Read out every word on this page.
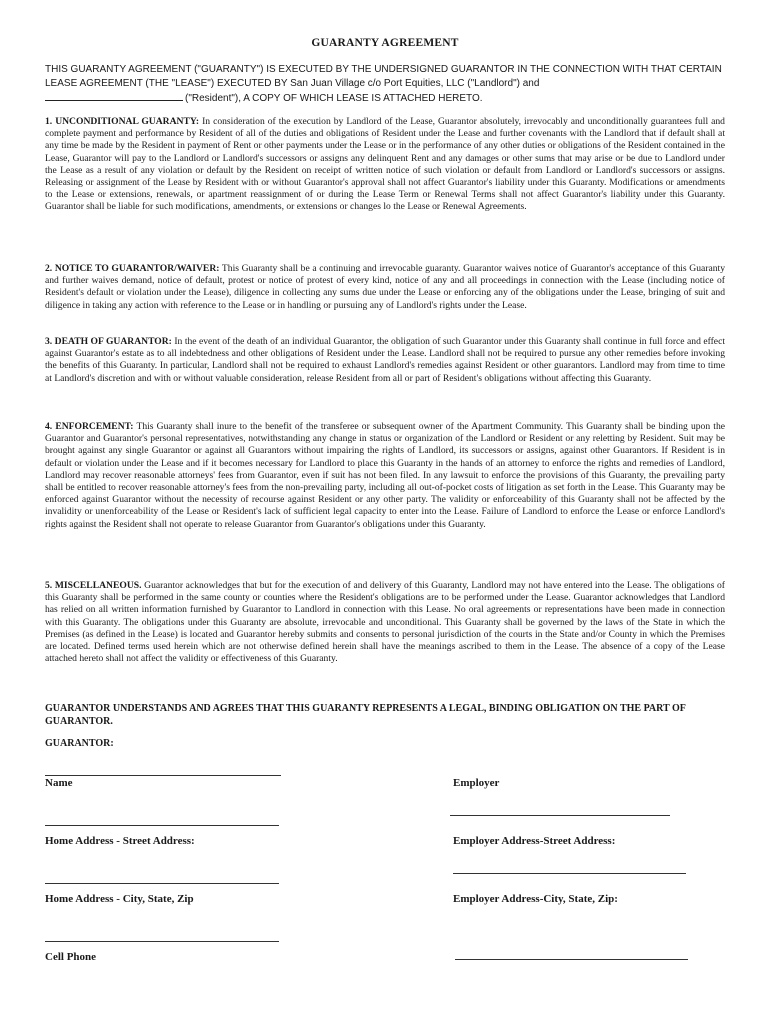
GUARANTY AGREEMENT
THIS GUARANTY AGREEMENT ("GUARANTY") IS EXECUTED BY THE UNDERSIGNED GUARANTOR IN THE CONNECTION WITH THAT CERTAIN LEASE AGREEMENT (THE "LEASE") EXECUTED BY San Juan Village c/o Port Equities, LLC ("Landlord") and
("Resident"), A COPY OF WHICH LEASE IS ATTACHED HERETO.
1. UNCONDITIONAL GUARANTY: In consideration of the execution by Landlord of the Lease, Guarantor absolutely, irrevocably and unconditionally guarantees full and complete payment and performance by Resident of all of the duties and obligations of Resident under the Lease and further covenants with the Landlord that if default shall at any time be made by the Resident in payment of Rent or other payments under the Lease or in the performance of any other duties or obligations of the Resident contained in the Lease, Guarantor will pay to the Landlord or Landlord's successors or assigns any delinquent Rent and any damages or other sums that may arise or be due to Landlord under the Lease as a result of any violation or default by the Resident on receipt of written notice of such violation or default from Landlord or Landlord's successors or assigns. Releasing or assignment of the Lease by Resident with or without Guarantor's approval shall not affect Guarantor's liability under this Guaranty. Modifications or amendments to the Lease or extensions, renewals, or apartment reassignment of or during the Lease Term or Renewal Terms shall not affect Guarantor's liability under this Guaranty. Guarantor shall be liable for such modifications, amendments, or extensions or changes lo the Lease or Renewal Agreements.
2. NOTICE TO GUARANTOR/WAIVER: This Guaranty shall be a continuing and irrevocable guaranty. Guarantor waives notice of Guarantor's acceptance of this Guaranty and further waives demand, notice of default, protest or notice of protest of every kind, notice of any and all proceedings in connection with the Lease (including notice of Resident's default or violation under the Lease), diligence in collecting any sums due under the Lease or enforcing any of the obligations under the Lease, bringing of suit and diligence in taking any action with reference to the Lease or in handling or pursuing any of Landlord's rights under the Lease.
3. DEATH OF GUARANTOR: In the event of the death of an individual Guarantor, the obligation of such Guarantor under this Guaranty shall continue in full force and effect against Guarantor's estate as to all indebtedness and other obligations of Resident under the Lease. Landlord shall not be required to pursue any other remedies before invoking the benefits of this Guaranty. In particular, Landlord shall not be required to exhaust Landlord's remedies against Resident or other guarantors. Landlord may from time to time at Landlord's discretion and with or without valuable consideration, release Resident from all or part of Resident's obligations without affecting this Guaranty.
4. ENFORCEMENT: This Guaranty shall inure to the benefit of the transferee or subsequent owner of the Apartment Community. This Guaranty shall be binding upon the Guarantor and Guarantor's personal representatives, notwithstanding any change in status or organization of the Landlord or Resident or any reletting by Resident. Suit may be brought against any single Guarantor or against all Guarantors without impairing the rights of Landlord, its successors or assigns, against other Guarantors. If Resident is in default or violation under the Lease and if it becomes necessary for Landlord to place this Guaranty in the hands of an attorney to enforce the rights and remedies of Landlord, Landlord may recover reasonable attorneys' fees from Guarantor, even if suit has not been filed. In any lawsuit to enforce the provisions of this Guaranty, the prevailing party shall be entitled to recover reasonable attorney's fees from the non-prevailing party, including all out-of-pocket costs of litigation as set forth in the Lease. This Guaranty may be enforced against Guarantor without the necessity of recourse against Resident or any other party. The validity or enforceability of this Guaranty shall not be affected by the invalidity or unenforceability of the Lease or Resident's lack of sufficient legal capacity to enter into the Lease. Failure of Landlord to enforce the Lease or enforce Landlord's rights against the Resident shall not operate to release Guarantor from Guarantor's obligations under this Guaranty.
5. MISCELLANEOUS. Guarantor acknowledges that but for the execution of and delivery of this Guaranty, Landlord may not have entered into the Lease. The obligations of this Guaranty shall be performed in the same county or counties where the Resident's obligations are to be performed under the Lease. Guarantor acknowledges that Landlord has relied on all written information furnished by Guarantor to Landlord in connection with this Lease. No oral agreements or representations have been made in connection with this Guaranty. The obligations under this Guaranty are absolute, irrevocable and unconditional. This Guaranty shall be governed by the laws of the State in which the Premises (as defined in the Lease) is located and Guarantor hereby submits and consents to personal jurisdiction of the courts in the State and/or County in which the Premises are located. Defined terms used herein which are not otherwise defined herein shall have the meanings ascribed to them in the Lease. The absence of a copy of the Lease attached hereto shall not affect the validity or effectiveness of this Guaranty.
GUARANTOR UNDERSTANDS AND AGREES THAT THIS GUARANTY REPRESENTS A LEGAL, BINDING OBLIGATION ON THE PART OF GUARANTOR.
GUARANTOR:
Name	Employer
Home Address - Street Address:	Employer Address-Street Address:
Home Address - City, State, Zip	Employer Address-City, State, Zip:
Cell Phone
